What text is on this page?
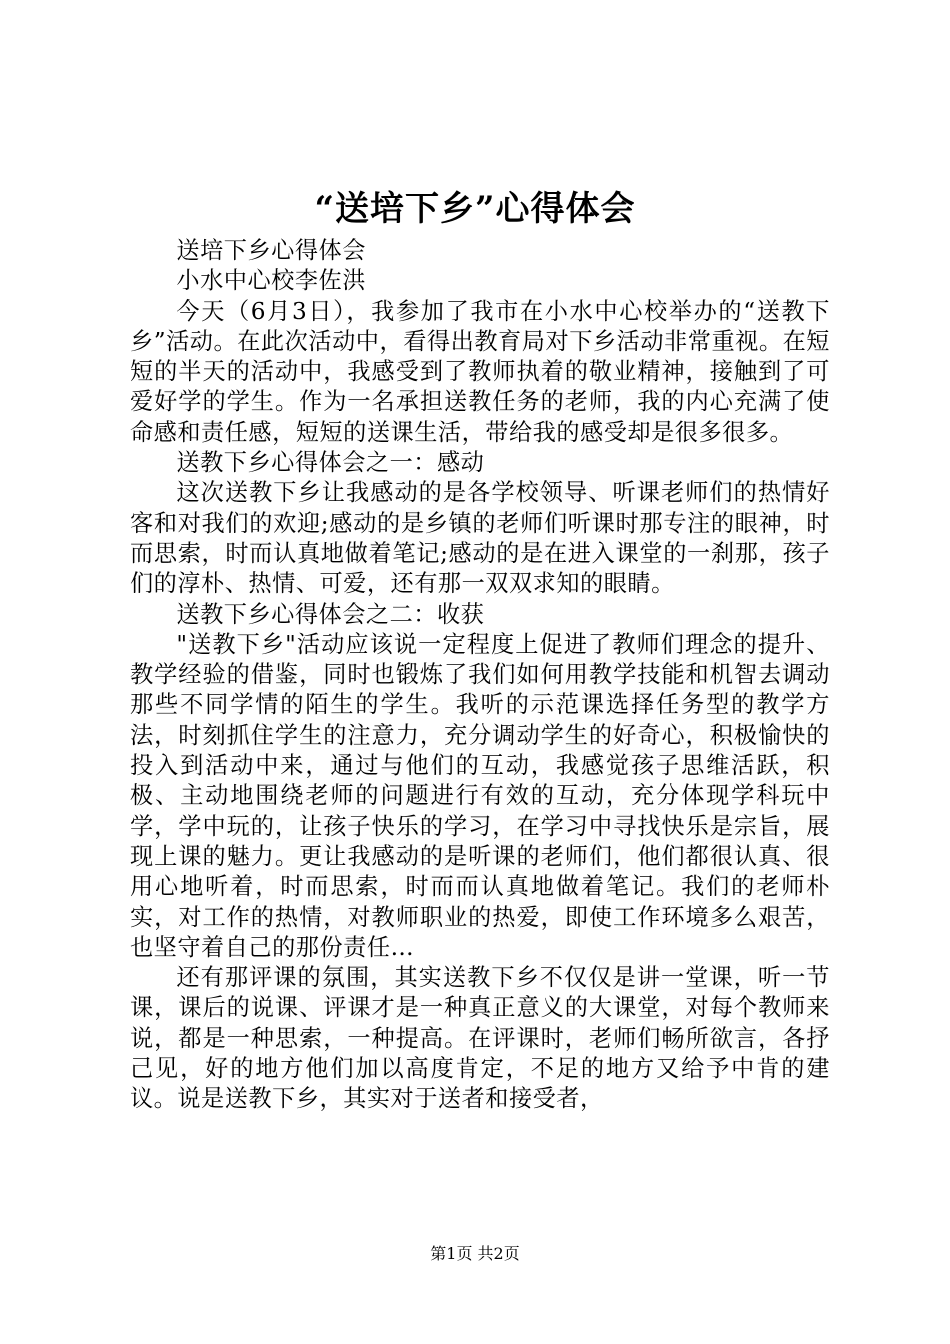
“送培下乡”心得体会

送培下乡心得体会

小水中心校李佐洪

今天（6月3日），我参加了我市在小水中心校举办的“送教下乡”活动。在此次活动中，看得出教育局对下乡活动非常重视。在短短的半天的活动中，我感受到了教师执着的敬业精神，接触到了可爱好学的学生。作为一名承担送教任务的老师，我的内心充满了使命感和责任感，短短的送课生活，带给我的感受却是很多很多。

送教下乡心得体会之一：感动

这次送教下乡让我感动的是各学校领导、听课老师们的热情好客和对我们的欢迎;感动的是乡镇的老师们听课时那专注的眼神，时而思索，时而认真地做着笔记;感动的是在进入课堂的一刹那，孩子们的淳朴、热情、可爱，还有那一双双求知的眼睛。

送教下乡心得体会之二：收获

"送教下乡"活动应该说一定程度上促进了教师们理念的提升、教学经验的借鉴，同时也锻炼了我们如何用教学技能和机智去调动那些不同学情的陌生的学生。我听的示范课选择任务型的教学方法，时刻抓住学生的注意力，充分调动学生的好奇心，积极愉快的投入到活动中来，通过与他们的互动，我感觉孩子思维活跃，积极、主动地围绕老师的问题进行有效的互动，充分体现学科玩中学，学中玩的，让孩子快乐的学习，在学习中寻找快乐是宗旨，展现上课的魅力。更让我感动的是听课的老师们，他们都很认真、很用心地听着，时而思索，时而而认真地做着笔记。我们的老师朴实，对工作的热情，对教师职业的热爱，即使工作环境多么艰苦，也坚守着自己的那份责任…

还有那评课的氛围，其实送教下乡不仅仅是讲一堂课，听一节课，课后的说课、评课才是一种真正意义的大课堂，对每个教师来说，都是一种思索，一种提高。在评课时，老师们畅所欲言，各抒己见，好的地方他们加以高度肯定，不足的地方又给予中肯的建议。说是送教下乡，其实对于送者和接受者，

第1页 共2页
